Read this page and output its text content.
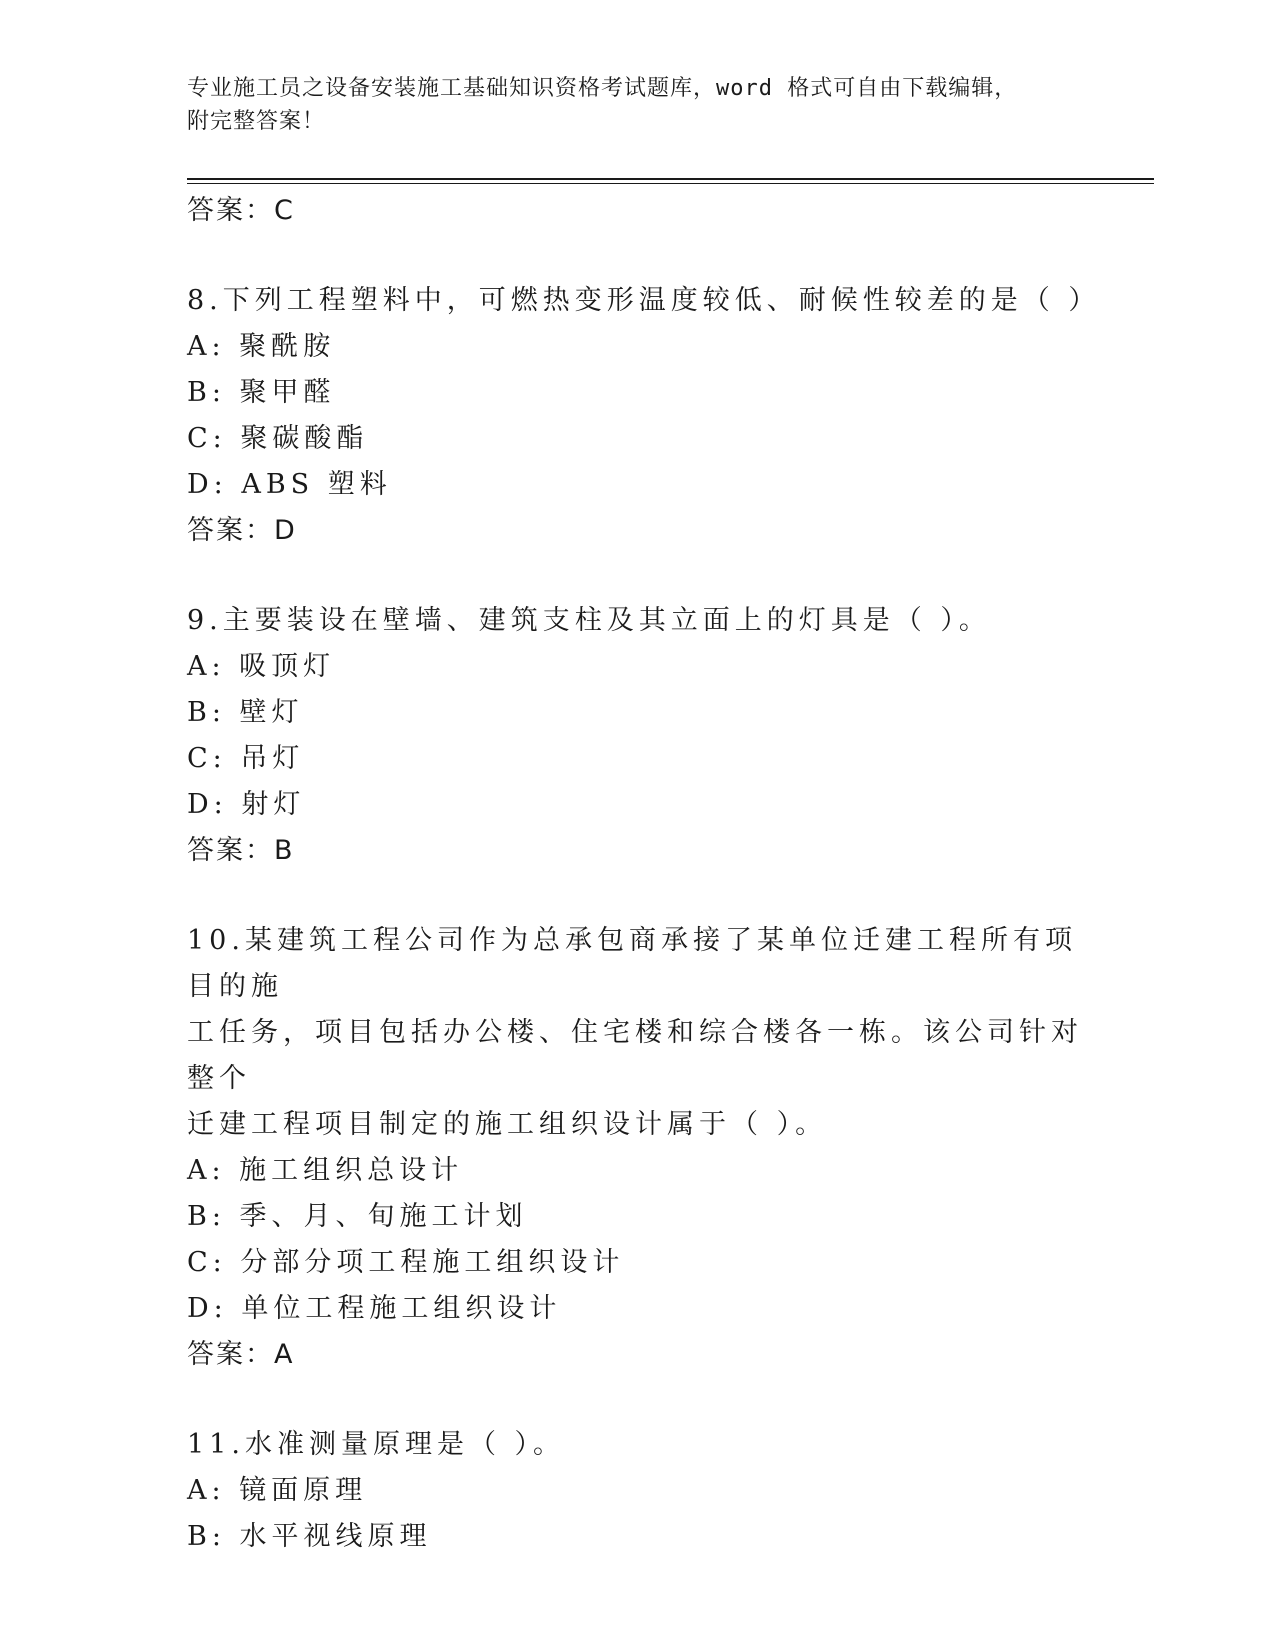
专业施工员之设备安装施工基础知识资格考试题库，word 格式可自由下载编辑，
附完整答案！

答案：C

8.下列工程塑料中，可燃热变形温度较低、耐候性较差的是（ ）

A: 聚酰胺

B: 聚甲醛

C: 聚碳酸酯

D: ABS 塑料

答案：D

9.主要装设在壁墙、建筑支柱及其立面上的灯具是（ ）。

A: 吸顶灯

B: 壁灯

C: 吊灯

D: 射灯

答案：B

10.某建筑工程公司作为总承包商承接了某单位迁建工程所有项目的施

工任务，项目包括办公楼、住宅楼和综合楼各一栋。该公司针对整个

迁建工程项目制定的施工组织设计属于（ ）。

A: 施工组织总设计

B: 季、月、旬施工计划

C: 分部分项工程施工组织设计

D: 单位工程施工组织设计

答案：A

11.水准测量原理是（ ）。

A: 镜面原理

B: 水平视线原理
